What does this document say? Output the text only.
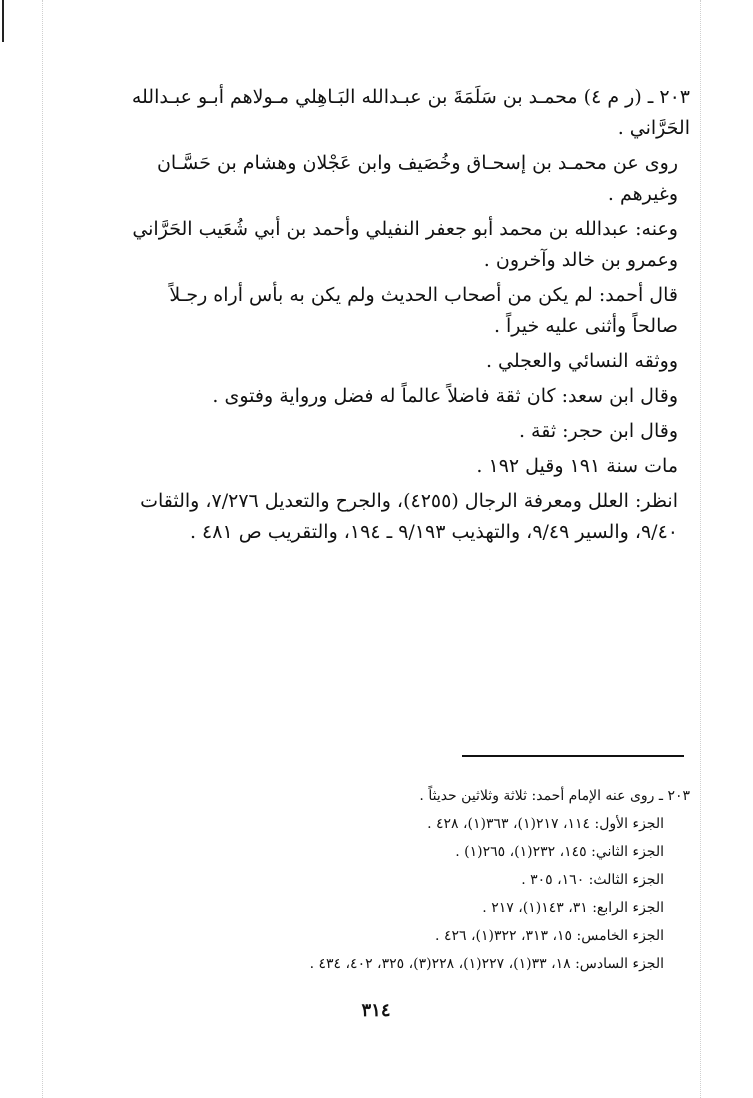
٢٠٣ ـ (ر م ٤) محمـد بن سَلَمَةَ بن عبـدالله البَـاهِلي مـولاهم أبـو عبـدالله
الحَرَّاني .

روى عن محمـد بن إسحـاق وخُصَيف وابن عَجْلان وهشام بن حَسَّـان
وغيرهم .

وعنه: عبدالله بن محمد أبو جعفر النفيلي وأحمد بن أبي شُعَيب الحَرَّاني
وعمرو بن خالد وآخرون .

قال أحمد: لم يكن من أصحاب الحديث ولم يكن به بأس أراه رجـلاً
صالحاً وأثنى عليه خيراً .

ووثقه النسائي والعجلي .

وقال ابن سعد: كان ثقة فاضلاً عالماً له فضل ورواية وفتوى .

وقال ابن حجر: ثقة .

مات سنة ١٩١ وقيل ١٩٢ .

انظر: العلل ومعرفة الرجال (٤٢٥٥)، والجرح والتعديل ٧/٢٧٦، والثقات
٩/٤٠، والسير ٩/٤٩، والتهذيب ٩/١٩٣ ـ ١٩٤، والتقريب ص ٤٨١ .

٢٠٣ ـ روى عنه الإمام أحمد: ثلاثة وثلاثين حديثاً .
الجزء الأول: ١١٤، ٢١٧(١)، ٣٦٣(١)، ٤٢٨ .
الجزء الثاني: ١٤٥، ٢٣٢(١)، ٢٦٥(١) .
الجزء الثالث: ١٦٠، ٣٠٥ .
الجزء الرابع: ٣١، ١٤٣(١)، ٢١٧ .
الجزء الخامس: ١٥، ٣١٣، ٣٢٢(١)، ٤٢٦ .
الجزء السادس: ١٨، ٣٣(١)، ٢٢٧(١)، ٢٢٨(٣)، ٣٢٥، ٤٠٢، ٤٣٤ .
٣١٤
